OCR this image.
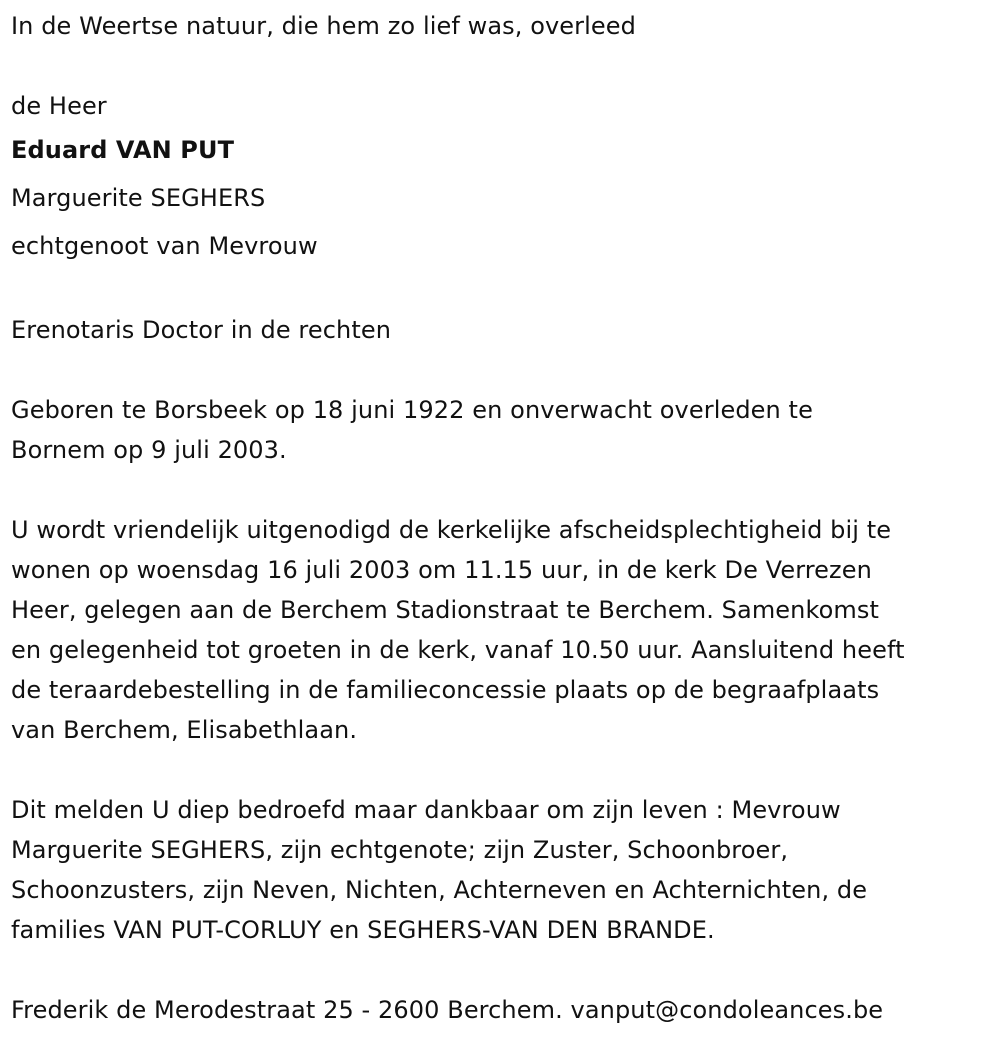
In de Weertse natuur, die hem zo lief was, overleed

de Heer

Eduard VAN PUT

Marguerite SEGHERS

echtgenoot van Mevrouw

Erenotaris Doctor in de rechten

Geboren te Borsbeek op 18 juni 1922 en onverwacht overleden te

Bornem op 9 juli 2003.

U wordt vriendelijk uitgenodigd de kerkelijke afscheidsplechtigheid bij te

wonen op woensdag 16 juli 2003 om 11.15 uur, in de kerk De Verrezen

Heer, gelegen aan de Berchem Stadionstraat te Berchem. Samenkomst

en gelegenheid tot groeten in de kerk, vanaf 10.50 uur. Aansluitend heeft

de teraardebestelling in de familieconcessie plaats op de begraafplaats

van Berchem, Elisabethlaan.

Dit melden U diep bedroefd maar dankbaar om zijn leven : Mevrouw

Marguerite SEGHERS, zijn echtgenote; zijn Zuster, Schoonbroer,

Schoonzusters, zijn Neven, Nichten, Achterneven en Achternichten, de

families VAN PUT-CORLUY en SEGHERS-VAN DEN BRANDE.

Frederik de Merodestraat 25 - 2600 Berchem. vanput@condoleances.be
